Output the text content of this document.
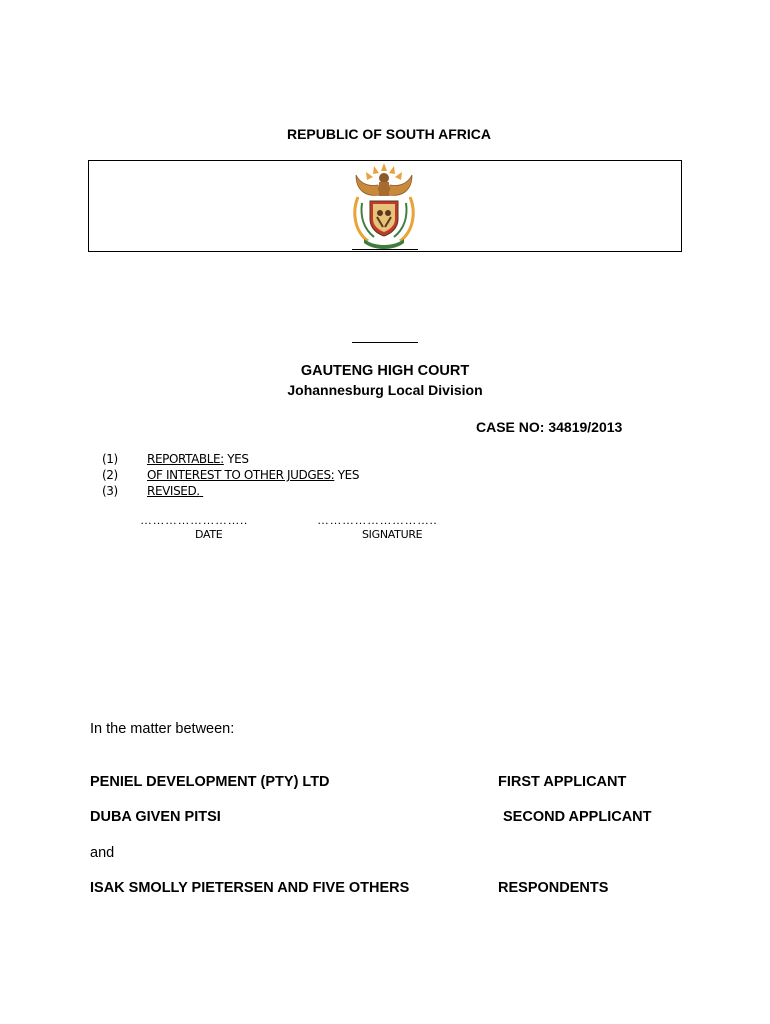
REPUBLIC OF SOUTH AFRICA
GAUTENG HIGH COURT
Johannesburg Local Division
CASE NO: 34819/2013
(1) REPORTABLE: YES
(2) OF INTEREST TO OTHER JUDGES: YES
(3) REVISED.
……………………..	………………………..
DATE	SIGNATURE
In the matter between:
PENIEL DEVELOPMENT (PTY) LTD	FIRST APPLICANT
DUBA GIVEN PITSI	SECOND APPLICANT
and
ISAK SMOLLY PIETERSEN AND FIVE OTHERS	RESPONDENTS
